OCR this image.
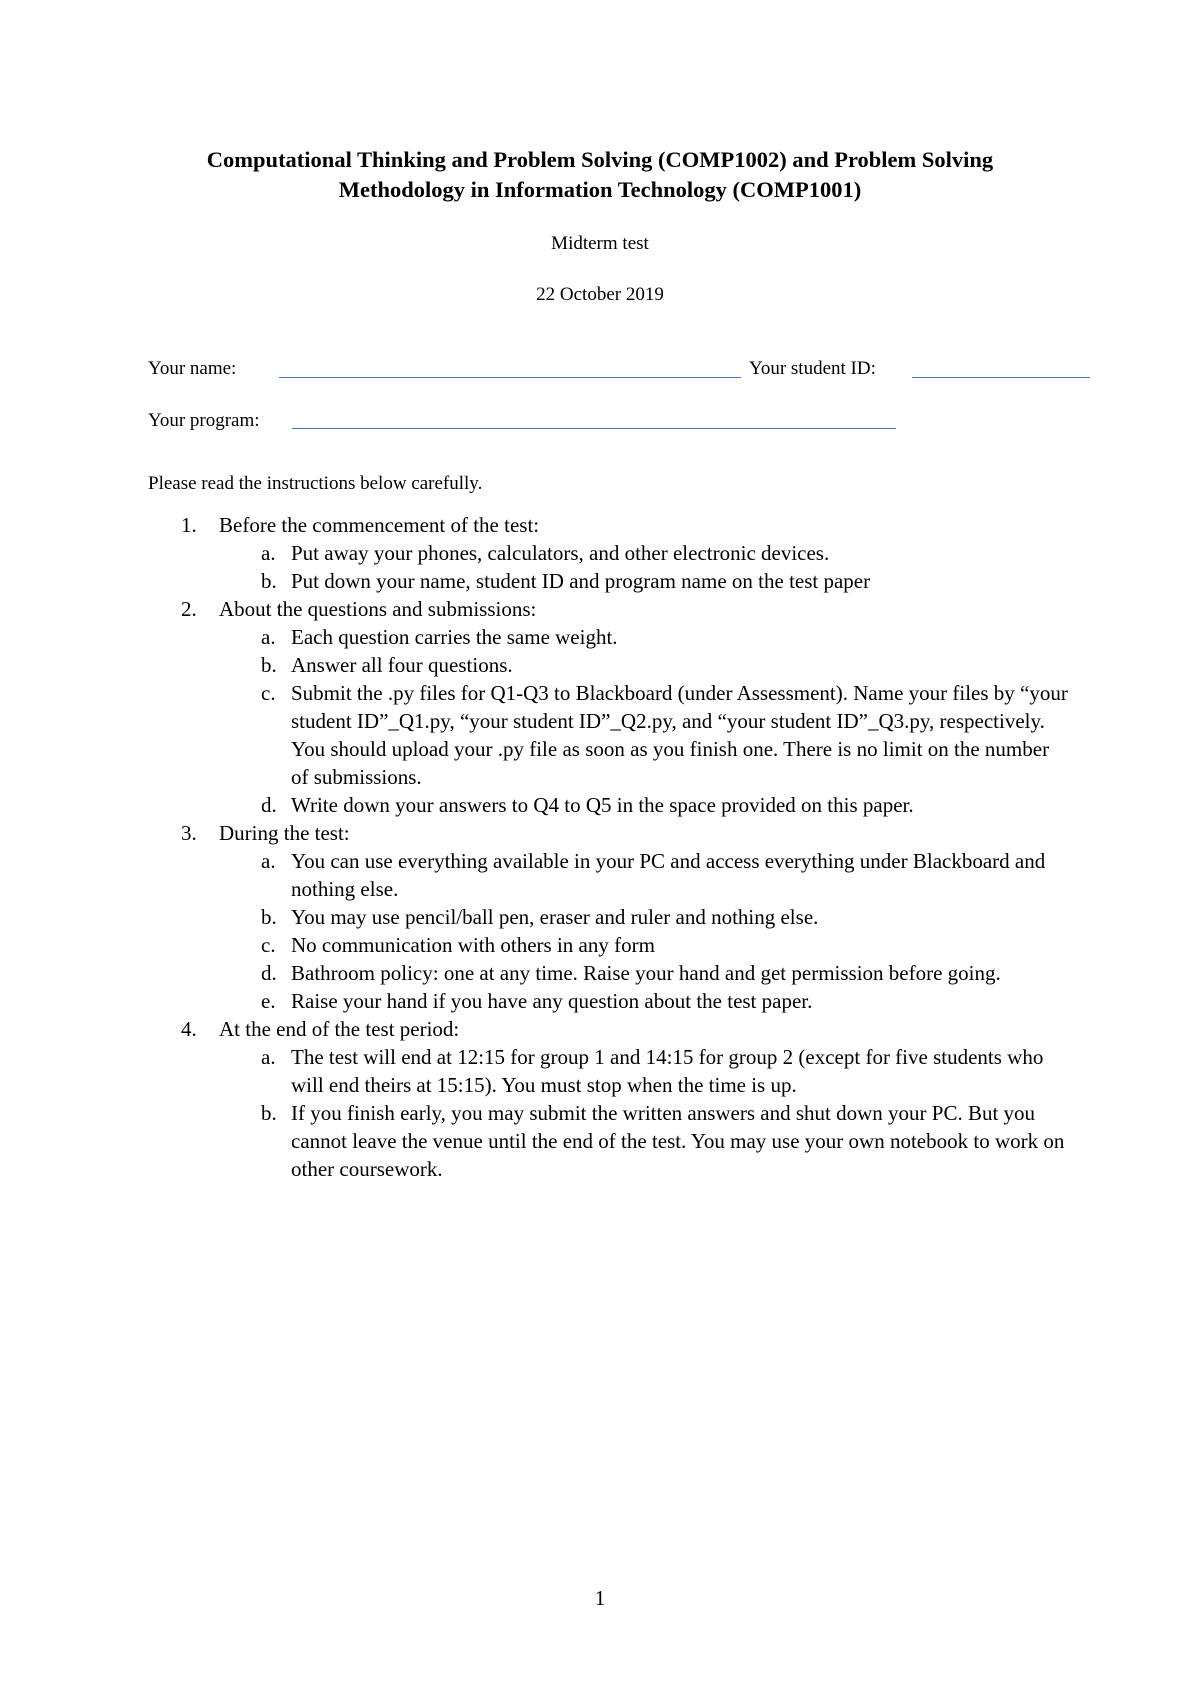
Computational Thinking and Problem Solving (COMP1002) and Problem Solving
Methodology in Information Technology (COMP1001)
Midterm test
22 October 2019
Your name:	Your student ID:
Your program:
Please read the instructions below carefully.
1. Before the commencement of the test:
a. Put away your phones, calculators, and other electronic devices.
b. Put down your name, student ID and program name on the test paper
2. About the questions and submissions:
a. Each question carries the same weight.
b. Answer all four questions.
c. Submit the .py files for Q1-Q3 to Blackboard (under Assessment). Name your files by “your student ID”_Q1.py, “your student ID”_Q2.py, and “your student ID”_Q3.py, respectively. You should upload your .py file as soon as you finish one. There is no limit on the number of submissions.
d. Write down your answers to Q4 to Q5 in the space provided on this paper.
3. During the test:
a. You can use everything available in your PC and access everything under Blackboard and nothing else.
b. You may use pencil/ball pen, eraser and ruler and nothing else.
c. No communication with others in any form
d. Bathroom policy: one at any time. Raise your hand and get permission before going.
e. Raise your hand if you have any question about the test paper.
4. At the end of the test period:
a. The test will end at 12:15 for group 1 and 14:15 for group 2 (except for five students who will end theirs at 15:15). You must stop when the time is up.
b. If you finish early, you may submit the written answers and shut down your PC. But you cannot leave the venue until the end of the test. You may use your own notebook to work on other coursework.
1
